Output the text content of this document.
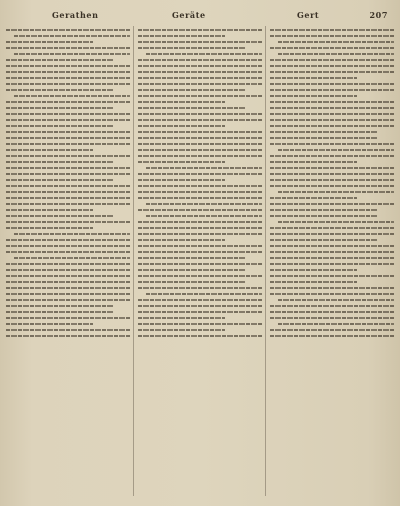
Gerathen	Geräte	Gert	207
